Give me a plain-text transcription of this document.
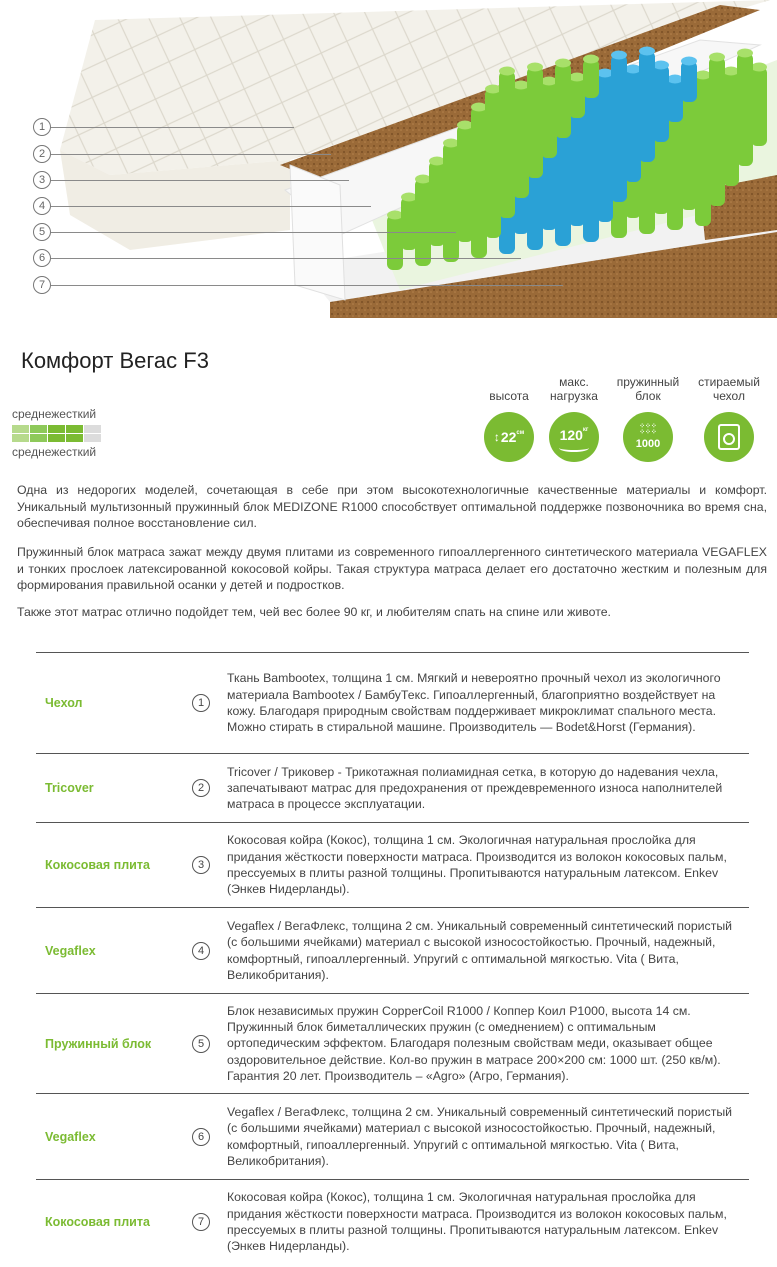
1
2
3
4
5
6
7
Комфорт Вегас F3
среднежесткий
среднежесткий
высота
↕ 22 см
макс. нагрузка
120 кг
пружинный блок
⁘⁘⁘
⁘⁘⁘
1000
стираемый чехол

Одна из недорогих моделей, сочетающая в себе при этом высокотехнологичные качественные материалы и комфорт. Уникальный мультизонный пружинный блок MEDIZONE R1000 способствует оптимальной поддержке позвоночника во время сна, обеспечивая полное восстановление сил.

Пружинный блок матраса зажат между двумя плитами из современного гипоаллергенного синтетического материала VEGAFLEX и тонких прослоек латексированной кокосовой койры. Такая структура матраса делает его достаточно жестким и полезным для формирования правильной осанки у детей и подростков.

Также этот матрас отлично подойдет тем, чей вес более 90 кг, и любителям спать на спине или животе.

Чехол	1
Ткань Bambootex, толщина 1 см. Мягкий и невероятно прочный чехол из экологичного материала Bambootex / БамбуТекс. Гипоаллергенный, благоприятно воздействует на кожу. Благодаря природным свойствам поддерживает микроклимат спального места. Можно стирать в стиральной машине. Производитель — Bodet&Horst (Германия).
Tricover	2
Tricover / Триковер - Трикотажная полиамидная сетка, в которую до надевания чехла, запечатывают матрас для предохранения от преждевременного износа наполнителей матраса в процессе эксплуатации.
Кокосовая плита	3
Кокосовая койра (Кокос), толщина 1 см. Экологичная натуральная прослойка для придания жёсткости поверхности матраса. Производится из волокон кокосовых пальм, прессуемых в плиты разной толщины. Пропитываются натуральным латексом. Enkev (Энкев Нидерланды).
Vegaflex	4
Vegaflex / ВегаФлекс, толщина 2 см. Уникальный современный синтетический пористый (с большими ячейками) материал с высокой износостойкостью. Прочный, надежный, комфортный, гипоаллергенный. Упругий с оптимальной мягкостью. Vita ( Вита, Великобритания).
Пружинный блок	5
Блок независимых пружин CopperCoil R1000 / Коппер Коил Р1000, высота 14 см. Пружинный блок биметаллических пружин (с омеднением) с оптимальным ортопедическим эффектом. Благодаря полезным свойствам меди, оказывает общее оздоровительное действие. Кол-во пружин в матрасе 200×200 см: 1000 шт. (250 кв/м). Гарантия 20 лет. Производитель – «Agro» (Агро, Германия).
Vegaflex	6
Vegaflex / ВегаФлекс, толщина 2 см. Уникальный современный синтетический пористый (с большими ячейками) материал с высокой износостойкостью. Прочный, надежный, комфортный, гипоаллергенный. Упругий с оптимальной мягкостью. Vita ( Вита, Великобритания).
Кокосовая плита	7
Кокосовая койра (Кокос), толщина 1 см. Экологичная натуральная прослойка для придания жёсткости поверхности матраса. Производится из волокон кокосовых пальм, прессуемых в плиты разной толщины. Пропитываются натуральным латексом. Enkev (Энкев Нидерланды).
